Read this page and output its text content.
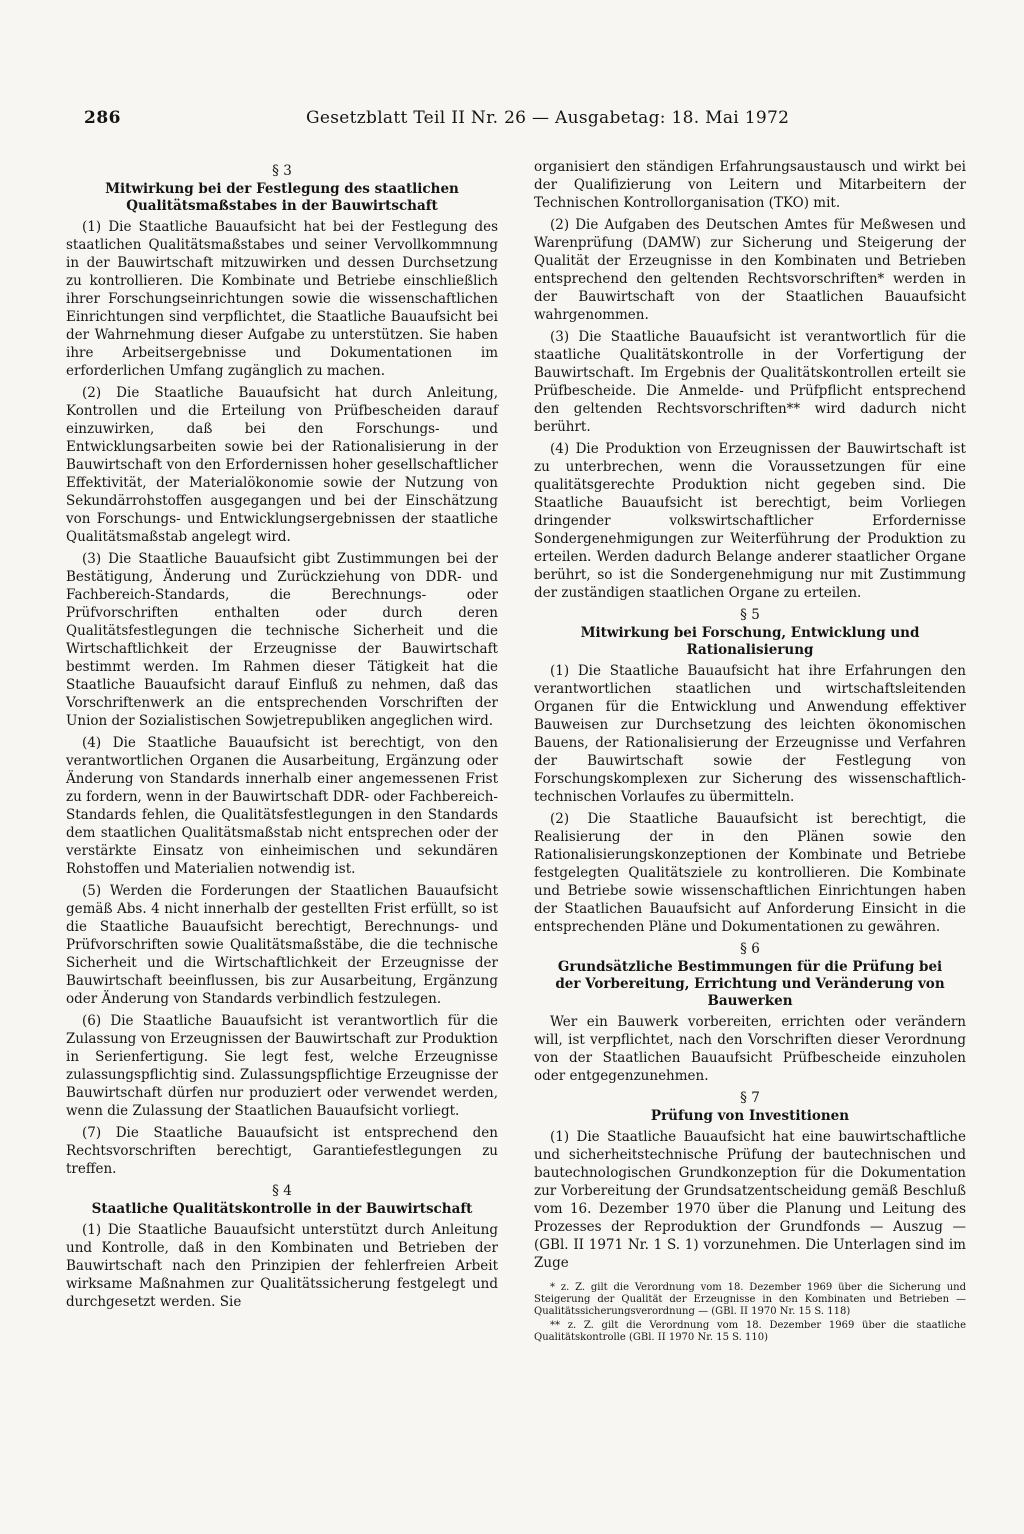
286	Gesetzblatt Teil II Nr. 26 — Ausgabetag: 18. Mai 1972
§ 3
Mitwirkung bei der Festlegung des staatlichen Qualitätsmaßstabes in der Bauwirtschaft

(1) Die Staatliche Bauaufsicht hat bei der Festlegung des staatlichen Qualitätsmaßstabes und seiner Vervollkommnung in der Bauwirtschaft mitzuwirken und dessen Durchsetzung zu kontrollieren. Die Kombinate und Betriebe einschließlich ihrer Forschungseinrichtungen sowie die wissenschaftlichen Einrichtungen sind verpflichtet, die Staatliche Bauaufsicht bei der Wahrnehmung dieser Aufgabe zu unterstützen. Sie haben ihre Arbeitsergebnisse und Dokumentationen im erforderlichen Umfang zugänglich zu machen.

(2) Die Staatliche Bauaufsicht hat durch Anleitung, Kontrollen und die Erteilung von Prüfbescheiden darauf einzuwirken, daß bei den Forschungs- und Entwicklungsarbeiten sowie bei der Rationalisierung in der Bauwirtschaft von den Erfordernissen hoher gesellschaftlicher Effektivität, der Materialökonomie sowie der Nutzung von Sekundärrohstoffen ausgegangen und bei der Einschätzung von Forschungs- und Entwicklungsergebnissen der staatliche Qualitätsmaßstab angelegt wird.

(3) Die Staatliche Bauaufsicht gibt Zustimmungen bei der Bestätigung, Änderung und Zurückziehung von DDR- und Fachbereich-Standards, die Berechnungs- oder Prüfvorschriften enthalten oder durch deren Qualitätsfestlegungen die technische Sicherheit und die Wirtschaftlichkeit der Erzeugnisse der Bauwirtschaft bestimmt werden. Im Rahmen dieser Tätigkeit hat die Staatliche Bauaufsicht darauf Einfluß zu nehmen, daß das Vorschriftenwerk an die entsprechenden Vorschriften der Union der Sozialistischen Sowjetrepubliken angeglichen wird.

(4) Die Staatliche Bauaufsicht ist berechtigt, von den verantwortlichen Organen die Ausarbeitung, Ergänzung oder Änderung von Standards innerhalb einer angemessenen Frist zu fordern, wenn in der Bauwirtschaft DDR- oder Fachbereich-Standards fehlen, die Qualitätsfestlegungen in den Standards dem staatlichen Qualitätsmaßstab nicht entsprechen oder der verstärkte Einsatz von einheimischen und sekundären Rohstoffen und Materialien notwendig ist.

(5) Werden die Forderungen der Staatlichen Bauaufsicht gemäß Abs. 4 nicht innerhalb der gestellten Frist erfüllt, so ist die Staatliche Bauaufsicht berechtigt, Berechnungs- und Prüfvorschriften sowie Qualitätsmaßstäbe, die die technische Sicherheit und die Wirtschaftlichkeit der Erzeugnisse der Bauwirtschaft beeinflussen, bis zur Ausarbeitung, Ergänzung oder Änderung von Standards verbindlich festzulegen.

(6) Die Staatliche Bauaufsicht ist verantwortlich für die Zulassung von Erzeugnissen der Bauwirtschaft zur Produktion in Serienfertigung. Sie legt fest, welche Erzeugnisse zulassungspflichtig sind. Zulassungspflichtige Erzeugnisse der Bauwirtschaft dürfen nur produziert oder verwendet werden, wenn die Zulassung der Staatlichen Bauaufsicht vorliegt.

(7) Die Staatliche Bauaufsicht ist entsprechend den Rechtsvorschriften berechtigt, Garantiefestlegungen zu treffen.

§ 4
Staatliche Qualitätskontrolle in der Bauwirtschaft

(1) Die Staatliche Bauaufsicht unterstützt durch Anleitung und Kontrolle, daß in den Kombinaten und Betrieben der Bauwirtschaft nach den Prinzipien der fehlerfreien Arbeit wirksame Maßnahmen zur Qualitätssicherung festgelegt und durchgesetzt werden. Sie

organisiert den ständigen Erfahrungsaustausch und wirkt bei der Qualifizierung von Leitern und Mitarbeitern der Technischen Kontrollorganisation (TKO) mit.

(2) Die Aufgaben des Deutschen Amtes für Meßwesen und Warenprüfung (DAMW) zur Sicherung und Steigerung der Qualität der Erzeugnisse in den Kombinaten und Betrieben entsprechend den geltenden Rechtsvorschriften* werden in der Bauwirtschaft von der Staatlichen Bauaufsicht wahrgenommen.

(3) Die Staatliche Bauaufsicht ist verantwortlich für die staatliche Qualitätskontrolle in der Vorfertigung der Bauwirtschaft. Im Ergebnis der Qualitätskontrollen erteilt sie Prüfbescheide. Die Anmelde- und Prüfpflicht entsprechend den geltenden Rechtsvorschriften** wird dadurch nicht berührt.

(4) Die Produktion von Erzeugnissen der Bauwirtschaft ist zu unterbrechen, wenn die Voraussetzungen für eine qualitätsgerechte Produktion nicht gegeben sind. Die Staatliche Bauaufsicht ist berechtigt, beim Vorliegen dringender volkswirtschaftlicher Erfordernisse Sondergenehmigungen zur Weiterführung der Produktion zu erteilen. Werden dadurch Belange anderer staatlicher Organe berührt, so ist die Sondergenehmigung nur mit Zustimmung der zuständigen staatlichen Organe zu erteilen.

§ 5
Mitwirkung bei Forschung, Entwicklung und Rationalisierung

(1) Die Staatliche Bauaufsicht hat ihre Erfahrungen den verantwortlichen staatlichen und wirtschaftsleitenden Organen für die Entwicklung und Anwendung effektiver Bauweisen zur Durchsetzung des leichten ökonomischen Bauens, der Rationalisierung der Erzeugnisse und Verfahren der Bauwirtschaft sowie der Festlegung von Forschungskomplexen zur Sicherung des wissenschaftlich-technischen Vorlaufes zu übermitteln.

(2) Die Staatliche Bauaufsicht ist berechtigt, die Realisierung der in den Plänen sowie den Rationalisierungskonzeptionen der Kombinate und Betriebe festgelegten Qualitätsziele zu kontrollieren. Die Kombinate und Betriebe sowie wissenschaftlichen Einrichtungen haben der Staatlichen Bauaufsicht auf Anforderung Einsicht in die entsprechenden Pläne und Dokumentationen zu gewähren.

§ 6
Grundsätzliche Bestimmungen für die Prüfung bei der Vorbereitung, Errichtung und Veränderung von Bauwerken

Wer ein Bauwerk vorbereiten, errichten oder verändern will, ist verpflichtet, nach den Vorschriften dieser Verordnung von der Staatlichen Bauaufsicht Prüfbescheide einzuholen oder entgegenzunehmen.

§ 7
Prüfung von Investitionen

(1) Die Staatliche Bauaufsicht hat eine bauwirtschaftliche und sicherheitstechnische Prüfung der bautechnischen und bautechnologischen Grundkonzeption für die Dokumentation zur Vorbereitung der Grundsatzentscheidung gemäß Beschluß vom 16. Dezember 1970 über die Planung und Leitung des Prozesses der Reproduktion der Grundfonds — Auszug — (GBl. II 1971 Nr. 1 S. 1) vorzunehmen. Die Unterlagen sind im Zuge

* z. Z. gilt die Verordnung vom 18. Dezember 1969 über die Sicherung und Steigerung der Qualität der Erzeugnisse in den Kombinaten und Betrieben — Qualitätssicherungsverordnung — (GBl. II 1970 Nr. 15 S. 118)

** z. Z. gilt die Verordnung vom 18. Dezember 1969 über die staatliche Qualitätskontrolle (GBl. II 1970 Nr. 15 S. 110)
